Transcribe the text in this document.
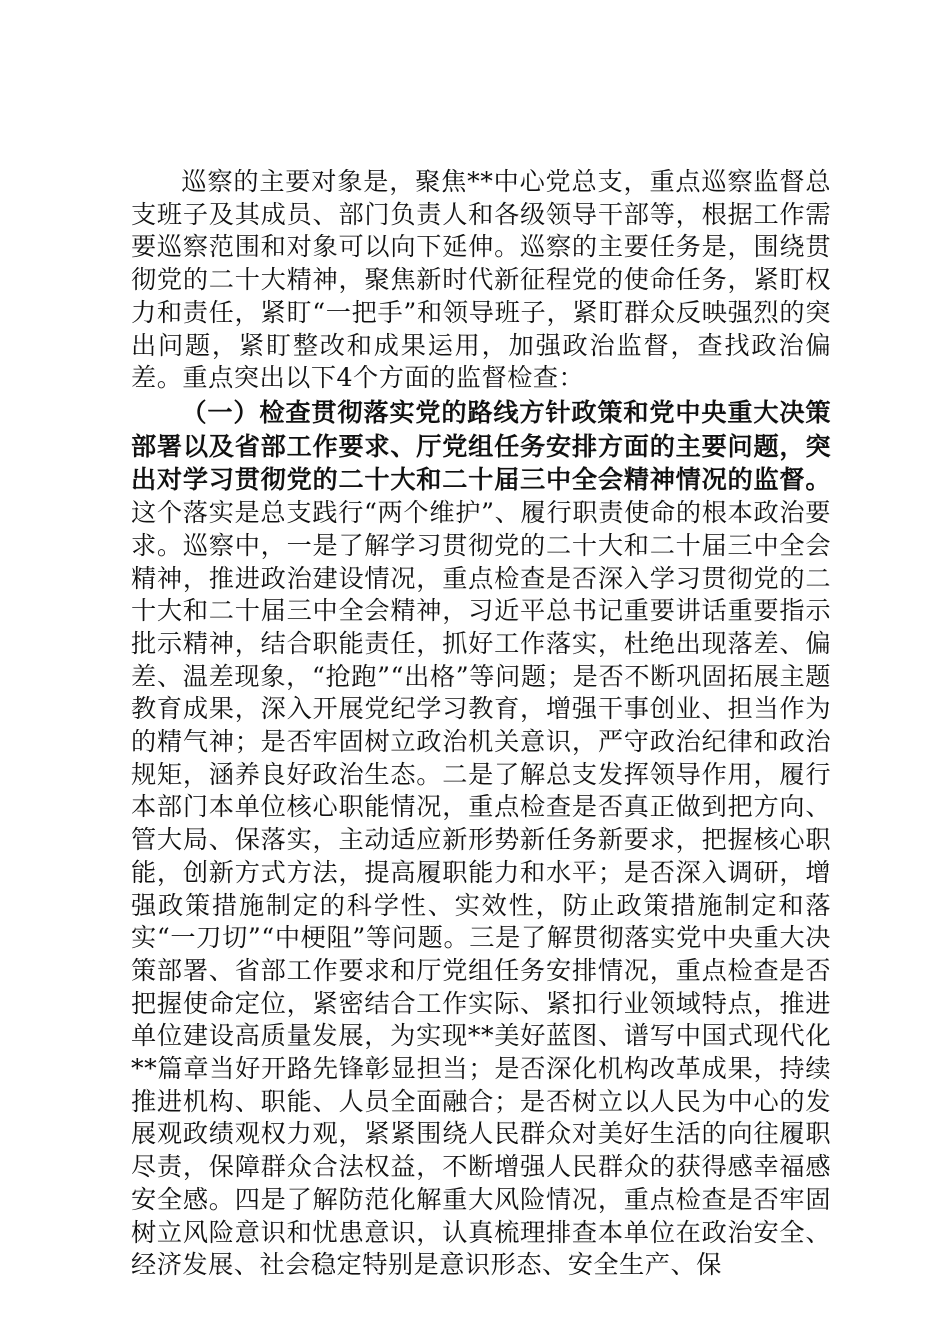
巡察的主要对象是，聚焦**中心党总支，重点巡察监督总支班子及其成员、部门负责人和各级领导干部等，根据工作需要巡察范围和对象可以向下延伸。巡察的主要任务是，围绕贯彻党的二十大精神，聚焦新时代新征程党的使命任务，紧盯权力和责任，紧盯“一把手”和领导班子，紧盯群众反映强烈的突出问题，紧盯整改和成果运用，加强政治监督，查找政治偏差。重点突出以下4个方面的监督检查：

（一）检查贯彻落实党的路线方针政策和党中央重大决策部署以及省部工作要求、厅党组任务安排方面的主要问题，突出对学习贯彻党的二十大和二十届三中全会精神情况的监督。这个落实是总支践行“两个维护”、履行职责使命的根本政治要求。巡察中，一是了解学习贯彻党的二十大和二十届三中全会精神，推进政治建设情况，重点检查是否深入学习贯彻党的二十大和二十届三中全会精神，习近平总书记重要讲话重要指示批示精神，结合职能责任，抓好工作落实，杜绝出现落差、偏差、温差现象，“抢跑”“出格”等问题；是否不断巩固拓展主题教育成果，深入开展党纪学习教育，增强干事创业、担当作为的精气神；是否牢固树立政治机关意识，严守政治纪律和政治规矩，涵养良好政治生态。二是了解总支发挥领导作用，履行本部门本单位核心职能情况，重点检查是否真正做到把方向、管大局、保落实，主动适应新形势新任务新要求，把握核心职能，创新方式方法，提高履职能力和水平；是否深入调研，增强政策措施制定的科学性、实效性，防止政策措施制定和落实“一刀切”“中梗阻”等问题。三是了解贯彻落实党中央重大决策部署、省部工作要求和厅党组任务安排情况，重点检查是否把握使命定位，紧密结合工作实际、紧扣行业领域特点，推进单位建设高质量发展，为实现**美好蓝图、谱写中国式现代化**篇章当好开路先锋彰显担当；是否深化机构改革成果，持续推进机构、职能、人员全面融合；是否树立以人民为中心的发展观政绩观权力观，紧紧围绕人民群众对美好生活的向往履职尽责，保障群众合法权益，不断增强人民群众的获得感幸福感安全感。四是了解防范化解重大风险情况，重点检查是否牢固树立风险意识和忧患意识，认真梳理排查本单位在政治安全、经济发展、社会稳定特别是意识形态、安全生产、保
